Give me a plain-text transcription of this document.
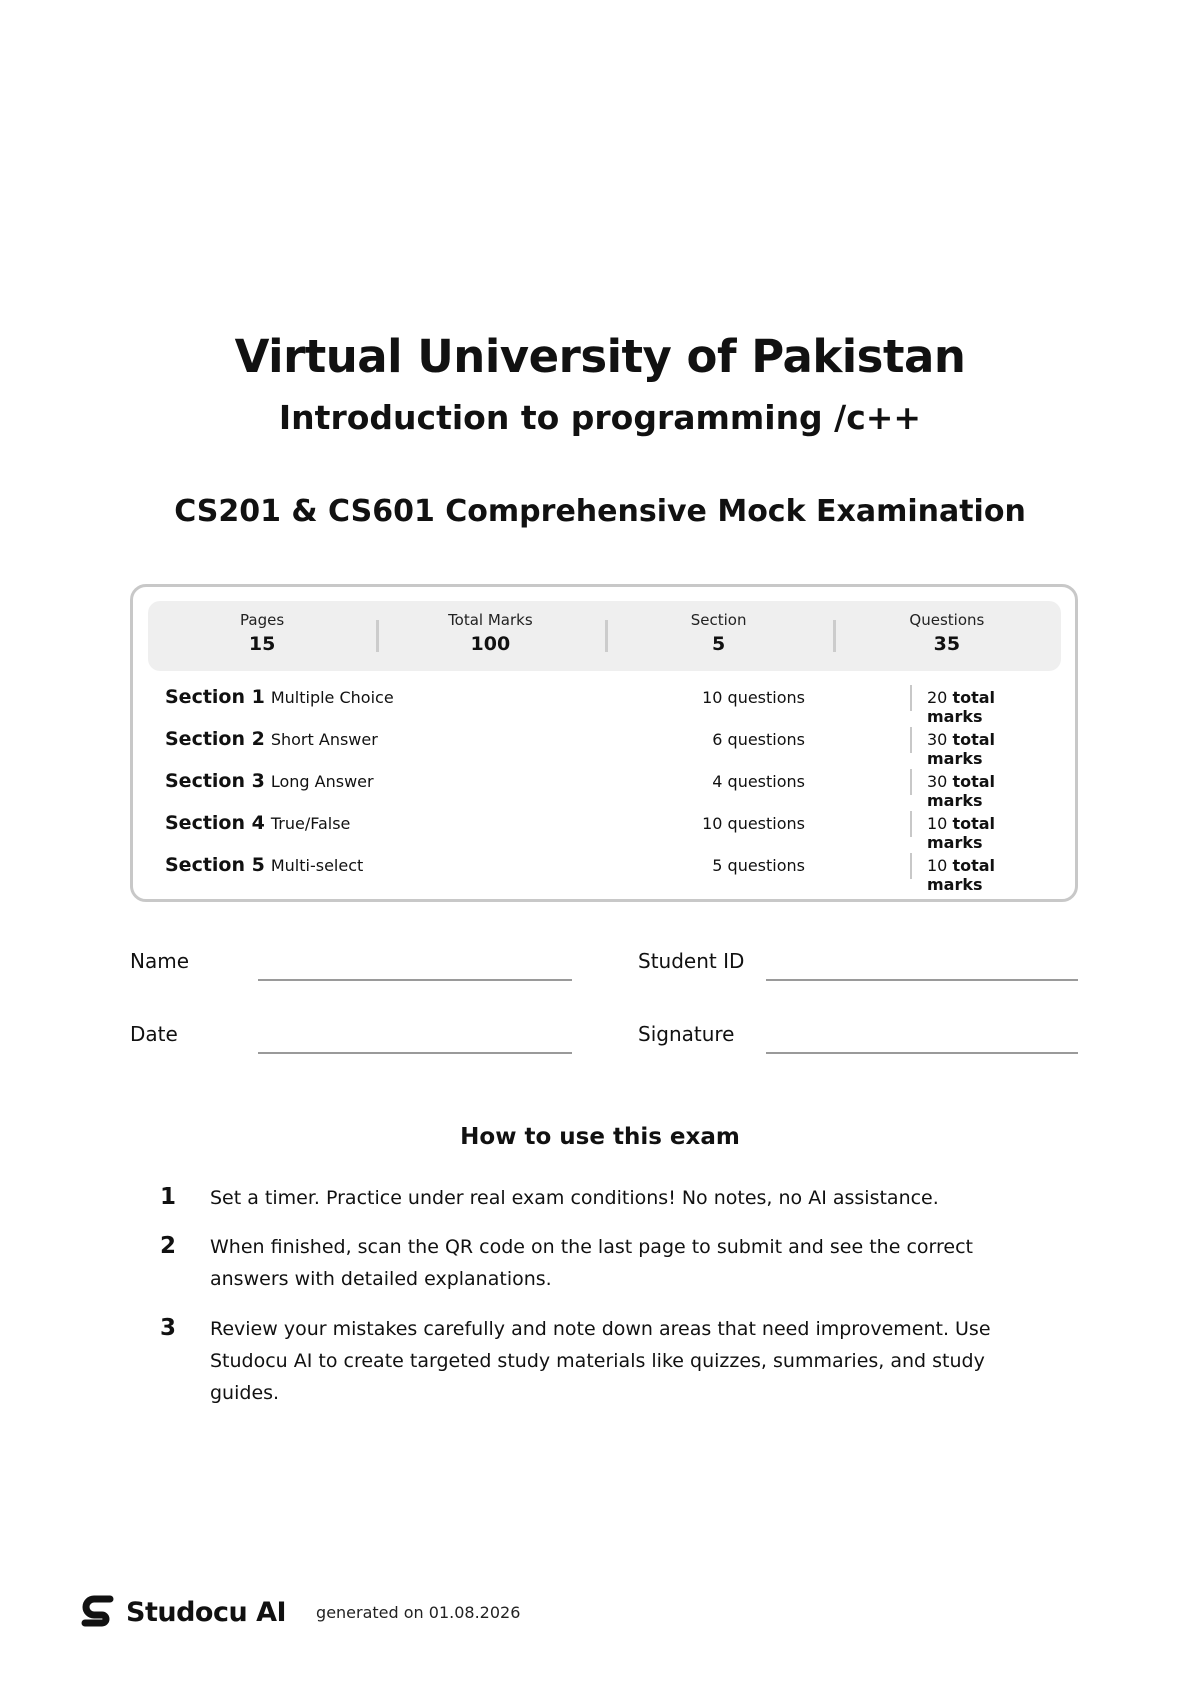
Virtual University of Pakistan
Introduction to programming /c++
CS201 & CS601 Comprehensive Mock Examination
Pages
15
Total Marks
100
Section
5
Questions
35
Section 1 Multiple Choice	10 questions	20 total marks
Section 2 Short Answer	6 questions	30 total marks
Section 3 Long Answer	4 questions	30 total marks
Section 4 True/False	10 questions	10 total marks
Section 5 Multi-select	5 questions	10 total marks
Name	Student ID
Date	Signature
How to use this exam
1 Set a timer. Practice under real exam conditions! No notes, no AI assistance.
2 When finished, scan the QR code on the last page to submit and see the correct answers with detailed explanations.
3 Review your mistakes carefully and note down areas that need improvement. Use Studocu AI to create targeted study materials like quizzes, summaries, and study guides.
Studocu AI generated on 01.08.2026
